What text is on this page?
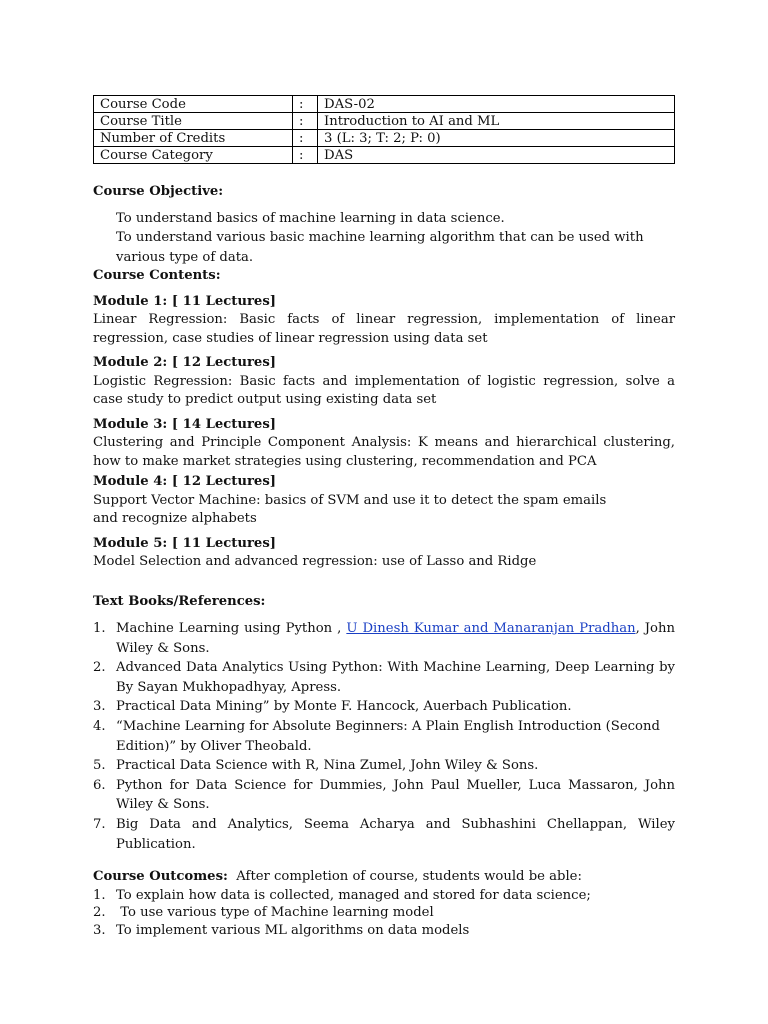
Course Code	:	DAS-02
Course Title	:	Introduction to AI and ML
Number of Credits	:	3 (L: 3; T: 2; P: 0)
Course Category	:	DAS
Course Objective:
To understand basics of machine learning in data science.
To understand various basic machine learning algorithm that can be used with
various type of data.
Course Contents:
Module 1: [ 11 Lectures]
Linear Regression: Basic facts of linear regression, implementation of linear regression, case studies of linear regression using data set
Module 2: [ 12 Lectures]
Logistic Regression: Basic facts and implementation of logistic regression, solve a case study to predict output using existing data set
Module 3: [ 14 Lectures]
Clustering and Principle Component Analysis: K means and hierarchical clustering, how to make market strategies using clustering, recommendation and PCA
Module 4: [ 12 Lectures]
Support Vector Machine: basics of SVM and use it to detect the spam emails and recognize alphabets
Module 5: [ 11 Lectures]
Model Selection and advanced regression: use of Lasso and Ridge
Text Books/References:
1. Machine Learning using Python , U Dinesh Kumar and Manaranjan Pradhan, John Wiley & Sons.
2. Advanced Data Analytics Using Python: With Machine Learning, Deep Learning by By Sayan Mukhopadhyay, Apress.
3. Practical Data Mining” by Monte F. Hancock, Auerbach Publication.
4. “Machine Learning for Absolute Beginners: A Plain English Introduction (Second Edition)” by Oliver Theobald.
5. Practical Data Science with R, Nina Zumel, John Wiley & Sons.
6. Python for Data Science for Dummies, John Paul Mueller, Luca Massaron, John Wiley & Sons.
7. Big Data and Analytics, Seema Acharya and Subhashini Chellappan, Wiley Publication.
Course Outcomes: After completion of course, students would be able:
1. To explain how data is collected, managed and stored for data science;
2. To use various type of Machine learning model
3. To implement various ML algorithms on data models
